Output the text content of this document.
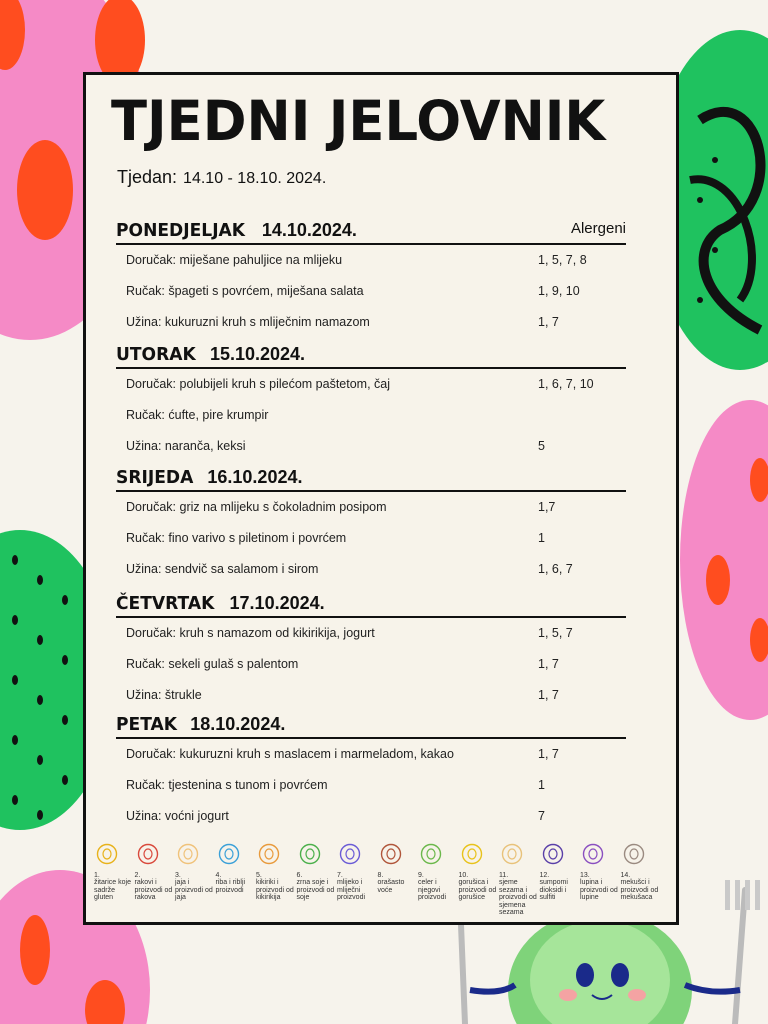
TJEDNI JELOVNIK
Tjedan: 14.10 - 18.10. 2024.
Alergeni
PONEDJELJAK 14.10.2024.
Doručak: miješane pahuljice na mlijeku	1, 5, 7, 8
Ručak: špageti s povrćem, miješana salata	1, 9, 10
Užina: kukuruzni kruh s mliječnim namazom	1, 7
UTORAK 15.10.2024.
Doručak: polubijeli kruh s pilećom paštetom, čaj	1, 6, 7, 10
Ručak: ćufte, pire krumpir
Užina: naranča, keksi	5
SRIJEDA 16.10.2024.
Doručak: griz na mlijeku s čokoladnim posipom	1,7
Ručak: fino varivo s piletinom i povrćem	1
Užina: sendvič sa salamom i sirom	1, 6, 7
ČETVRTAK 17.10.2024.
Doručak: kruh s namazom od kikirikija, jogurt	1, 5, 7
Ručak: sekeli gulaš s palentom	1, 7
Užina: štrukle	1, 7
PETAK 18.10.2024.
Doručak: kukuruzni kruh s maslacem i marmeladom, kakao	1, 7
Ručak: tjestenina s tunom i povrćem	1
Užina: voćni jogurt	7
1.
žitarice koje sadrže gluten
2.
rakovi i proizvodi od rakova
3.
jaja i proizvodi od jaja
4.
riba i riblji proizvodi
5.
kikiriki i proizvodi od kikirikija
6.
zrna soje i proizvodi od soje
7.
mlijeko i mliječni proizvodi
8.
orašasto voće
9.
celer i njegovi proizvodi
10.
gorušica i proizvodi od gorušice
11.
sjeme sezama i proizvodi od sjemena sezama
12.
sumpomi dioksidi i sulfiti
13.
lupina i proizvodi od lupine
14.
mekušci i proizvodi od mekušaca
